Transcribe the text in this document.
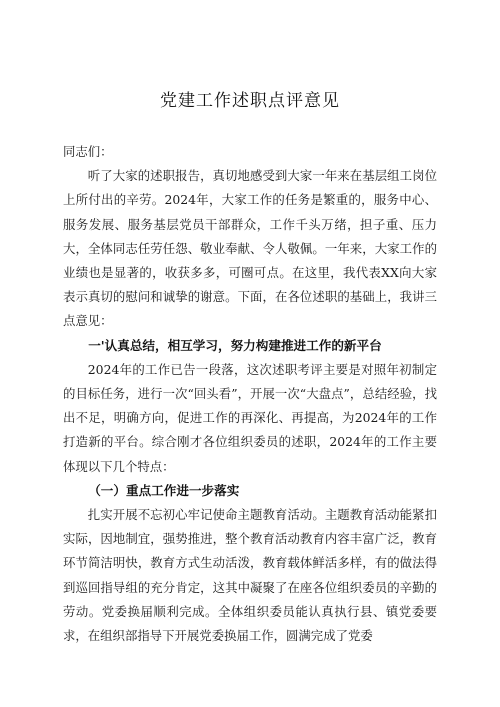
党建工作述职点评意见

同志们：

听了大家的述职报告，真切地感受到大家一年来在基层组工岗位上所付出的辛劳。2024年，大家工作的任务是繁重的，服务中心、服务发展、服务基层党员干部群众，工作千头万绪，担子重、压力大，全体同志任劳任怨、敬业奉献、令人敬佩。一年来，大家工作的业绩也是显著的，收获多多，可圈可点。在这里，我代表XX向大家表示真切的慰问和诚挚的谢意。下面，在各位述职的基础上，我讲三点意见：

一'认真总结，相互学习，努力构建推进工作的新平台

2024年的工作已告一段落，这次述职考评主要是对照年初制定的目标任务，进行一次“回头看”，开展一次“大盘点”，总结经验，找出不足，明确方向，促进工作的再深化、再提高，为2024年的工作打造新的平台。综合刚才各位组织委员的述职，2024年的工作主要体现以下几个特点：

（一）重点工作进一步落实

扎实开展不忘初心牢记使命主题教育活动。主题教育活动能紧扣实际，因地制宜，强势推进，整个教育活动教育内容丰富广泛，教育环节简洁明快，教育方式生动活泼，教育载体鲜活多样，有的做法得到巡回指导组的充分肯定，这其中凝聚了在座各位组织委员的辛勤的劳动。党委换届顺利完成。全体组织委员能认真执行县、镇党委要求，在组织部指导下开展党委换届工作，圆满完成了党委
